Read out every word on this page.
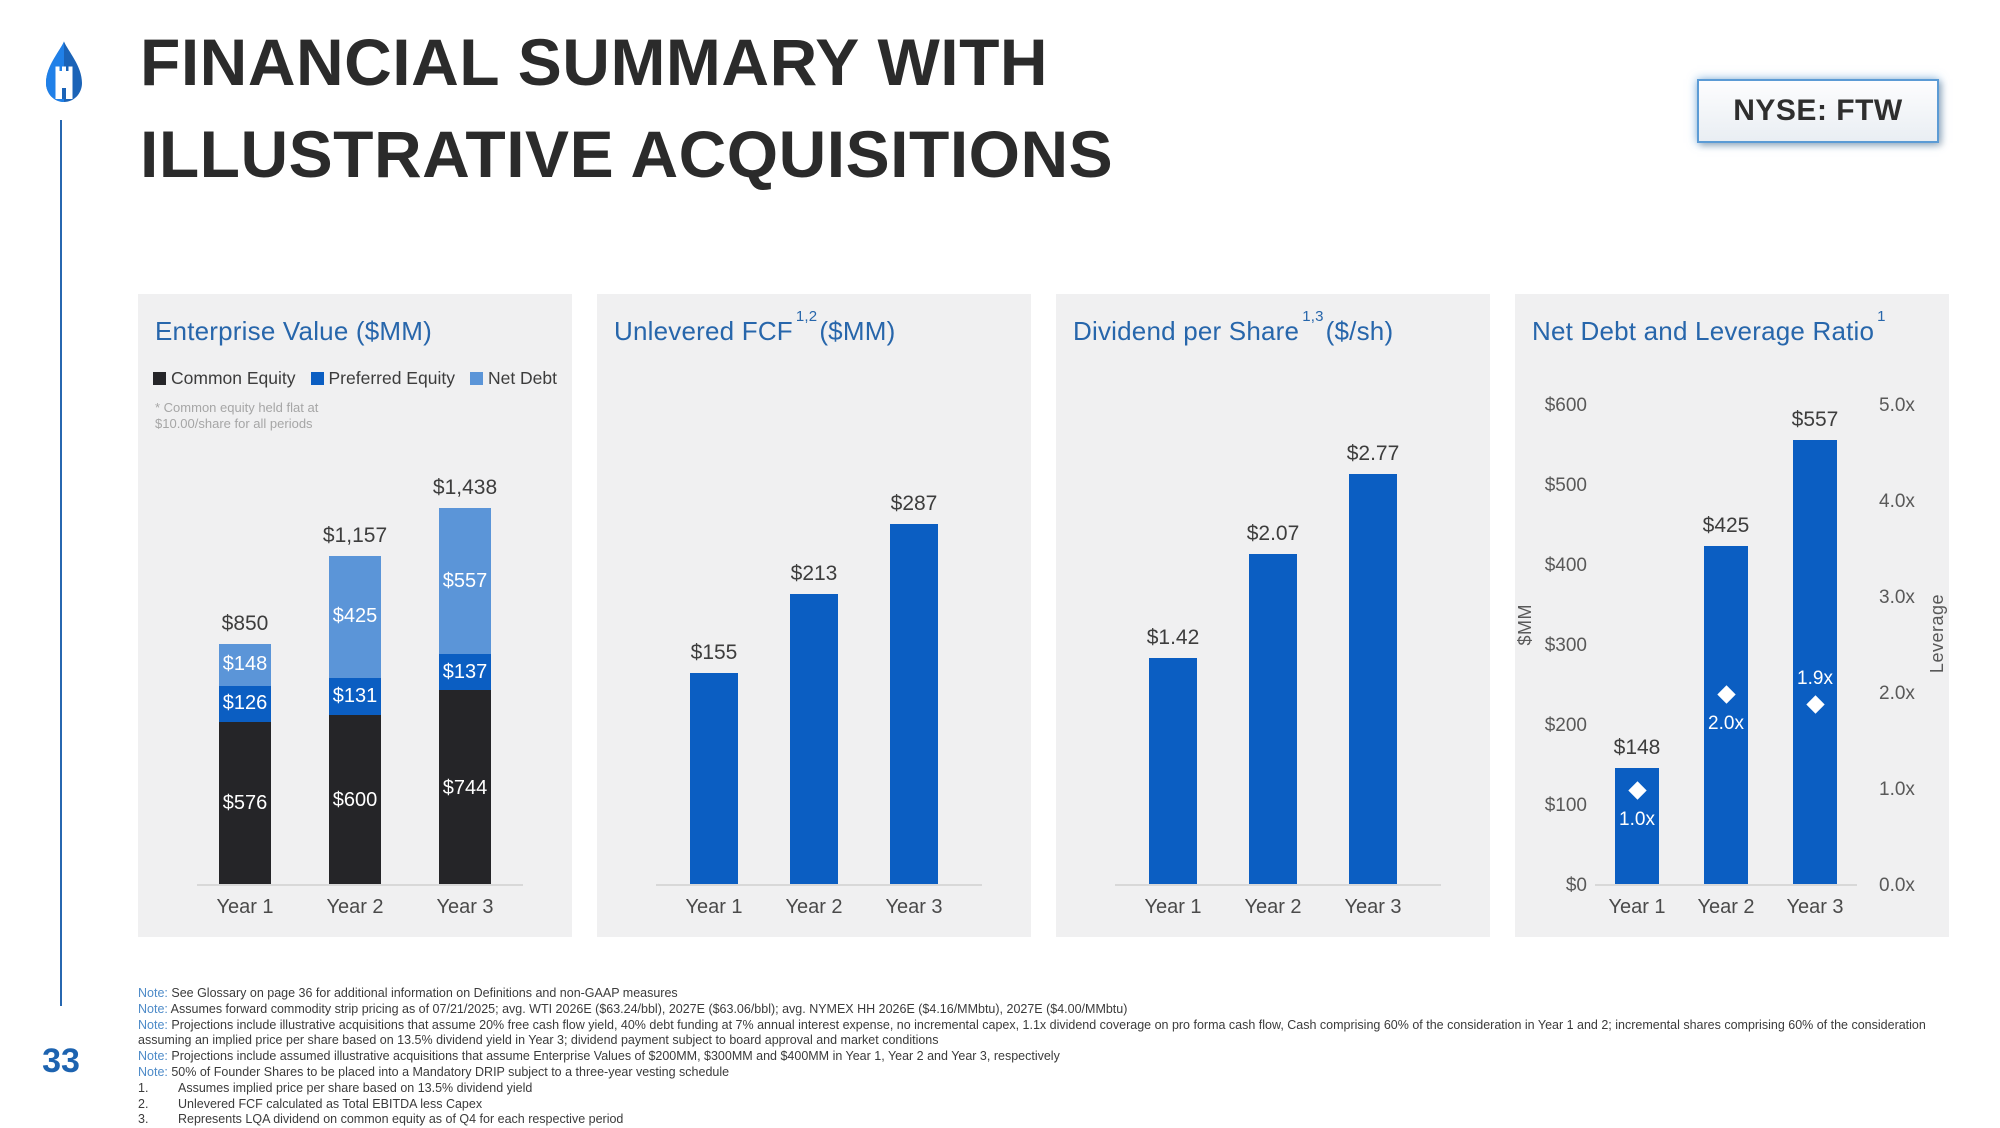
33
FINANCIAL SUMMARY WITH
ILLUSTRATIVE ACQUISITIONS
NYSE: FTW
Enterprise Value ($MM)
Common Equity Preferred Equity Net Debt
* Common equity held flat at $10.00/share for all periods
$850
$148
$126
$576
$1,157
$425
$131
$600
$1,438
$557
$137
$744
Year 1	Year 2	Year 3
Unlevered FCF $^{1,2}$($MM)
$155
$213
$287
Year 1	Year 2	Year 3
Dividend per Share $^{1,3}$($/sh)
$1.42
$2.07
$2.77
Year 1	Year 2	Year 3
Net Debt and Leverage Ratio $^1$
$0
$100
$200
$300
$400
$500
$600
0.0x
1.0x
2.0x
3.0x
4.0x
5.0x
$MM	Leverage
$148
1.0x
$425
2.0x
$557
1.9x
Year 1	Year 2	Year 3
Note: See Glossary on page 36 for additional information on Definitions and non-GAAP measures
Note: Assumes forward commodity strip pricing as of 07/21/2025; avg. WTI 2026E ($63.24/bbl), 2027E ($63.06/bbl); avg. NYMEX HH 2026E ($4.16/MMbtu), 2027E ($4.00/MMbtu)
Note: Projections include illustrative acquisitions that assume 20% free cash flow yield, 40% debt funding at 7% annual interest expense, no incremental capex, 1.1x dividend coverage on pro forma cash flow, Cash comprising 60% of the consideration in Year 1 and 2; incremental shares comprising 60% of the consideration assuming an implied price per share based on 13.5% dividend yield in Year 3; dividend payment subject to board approval and market conditions
Note: Projections include assumed illustrative acquisitions that assume Enterprise Values of $200MM, $300MM and $400MM in Year 1, Year 2 and Year 3, respectively
Note: 50% of Founder Shares to be placed into a Mandatory DRIP subject to a three-year vesting schedule
1. Assumes implied price per share based on 13.5% dividend yield
2. Unlevered FCF calculated as Total EBITDA less Capex
3. Represents LQA dividend on common equity as of Q4 for each respective period
